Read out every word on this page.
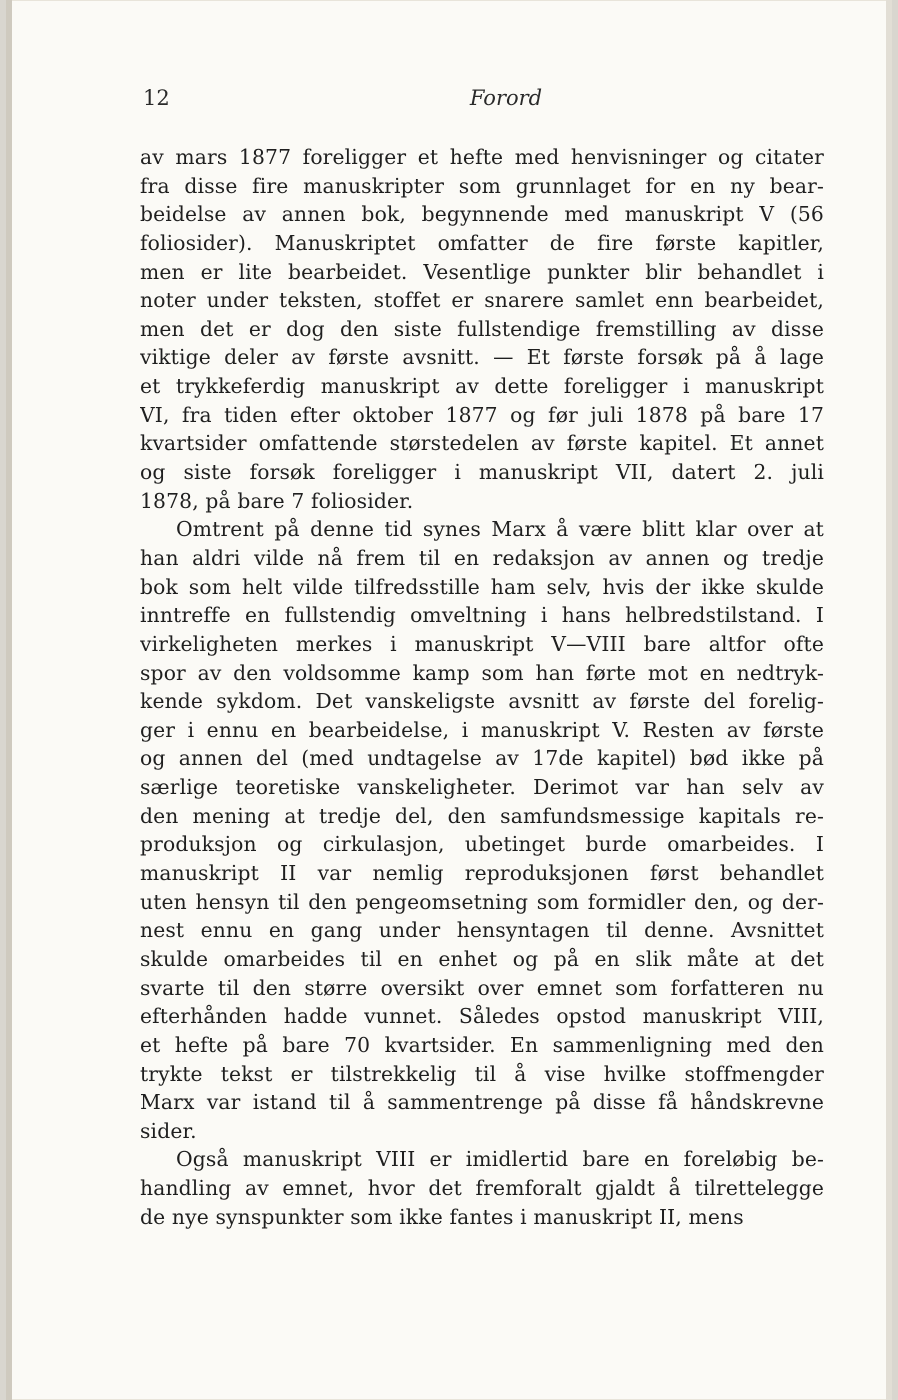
12	Forord
av mars 1877 foreligger et hefte med henvisninger og citater
fra disse fire manuskripter som grunnlaget for en ny bear-
beidelse av annen bok, begynnende med manuskript V (56
foliosider). Manuskriptet omfatter de fire første kapitler,
men er lite bearbeidet. Vesentlige punkter blir behandlet i
noter under teksten, stoffet er snarere samlet enn bearbeidet,
men det er dog den siste fullstendige fremstilling av disse
viktige deler av første avsnitt. — Et første forsøk på å lage
et trykkeferdig manuskript av dette foreligger i manuskript
VI, fra tiden efter oktober 1877 og før juli 1878 på bare 17
kvartsider omfattende størstedelen av første kapitel. Et annet
og siste forsøk foreligger i manuskript VII, datert 2. juli
1878, på bare 7 foliosider.
Omtrent på denne tid synes Marx å være blitt klar over at
han aldri vilde nå frem til en redaksjon av annen og tredje
bok som helt vilde tilfredsstille ham selv, hvis der ikke skulde
inntreffe en fullstendig omveltning i hans helbredstilstand. I
virkeligheten merkes i manuskript V—VIII bare altfor ofte
spor av den voldsomme kamp som han førte mot en nedtryk-
kende sykdom. Det vanskeligste avsnitt av første del forelig-
ger i ennu en bearbeidelse, i manuskript V. Resten av første
og annen del (med undtagelse av 17de kapitel) bød ikke på
særlige teoretiske vanskeligheter. Derimot var han selv av
den mening at tredje del, den samfundsmessige kapitals re-
produksjon og cirkulasjon, ubetinget burde omarbeides. I
manuskript II var nemlig reproduksjonen først behandlet
uten hensyn til den pengeomsetning som formidler den, og der-
nest ennu en gang under hensyntagen til denne. Avsnittet
skulde omarbeides til en enhet og på en slik måte at det
svarte til den større oversikt over emnet som forfatteren nu
efterhånden hadde vunnet. Således opstod manuskript VIII,
et hefte på bare 70 kvartsider. En sammenligning med den
trykte tekst er tilstrekkelig til å vise hvilke stoffmengder
Marx var istand til å sammentrenge på disse få håndskrevne
sider.
Også manuskript VIII er imidlertid bare en foreløbig be-
handling av emnet, hvor det fremforalt gjaldt å tilrettelegge
de nye synspunkter som ikke fantes i manuskript II, mens
